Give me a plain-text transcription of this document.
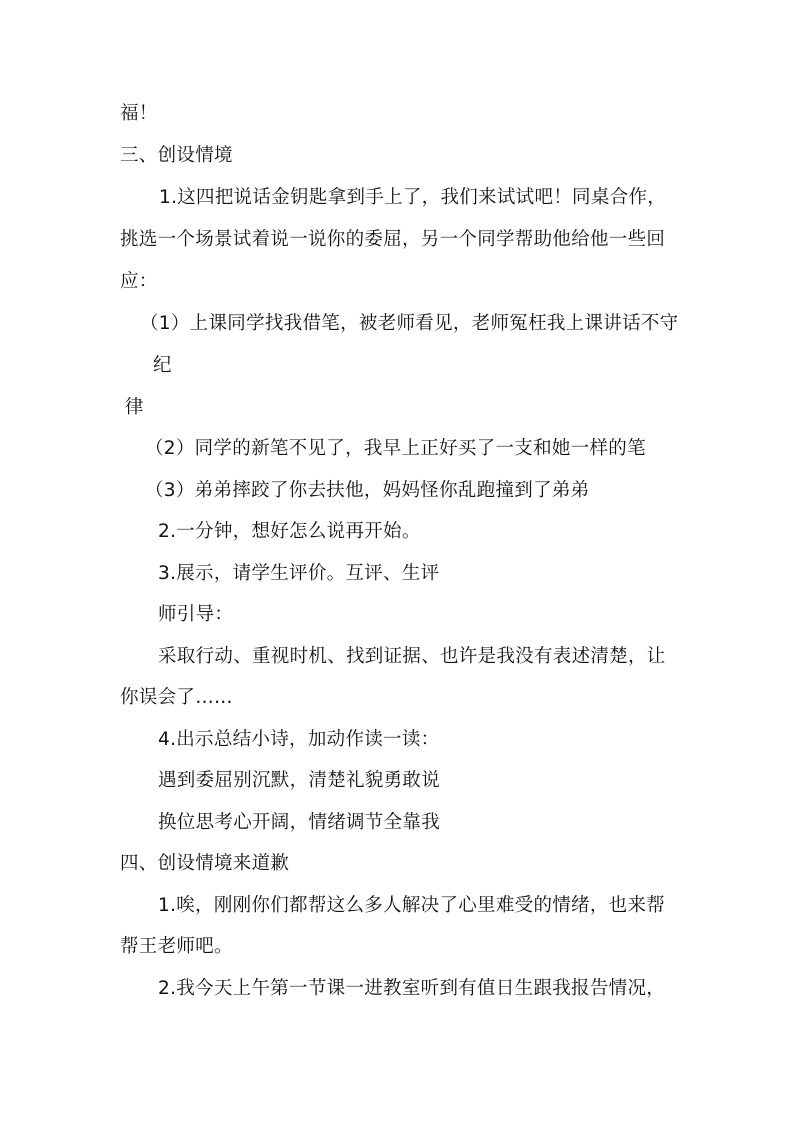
福！
三、创设情境
1.这四把说话金钥匙拿到手上了，我们来试试吧！同桌合作，
挑选一个场景试着说一说你的委屈，另一个同学帮助他给他一些回
应：
（1）上课同学找我借笔，被老师看见，老师冤枉我上课讲话不守
纪
律
（2）同学的新笔不见了，我早上正好买了一支和她一样的笔
（3）弟弟摔跤了你去扶他，妈妈怪你乱跑撞到了弟弟
2.一分钟，想好怎么说再开始。
3.展示，请学生评价。互评、生评
师引导：
采取行动、重视时机、找到证据、也许是我没有表述清楚，让
你误会了……
4.出示总结小诗，加动作读一读：
遇到委屈别沉默，清楚礼貌勇敢说
换位思考心开阔，情绪调节全靠我
四、创设情境来道歉
1.唉，刚刚你们都帮这么多人解决了心里难受的情绪，也来帮
帮王老师吧。
2.我今天上午第一节课一进教室听到有值日生跟我报告情况，
